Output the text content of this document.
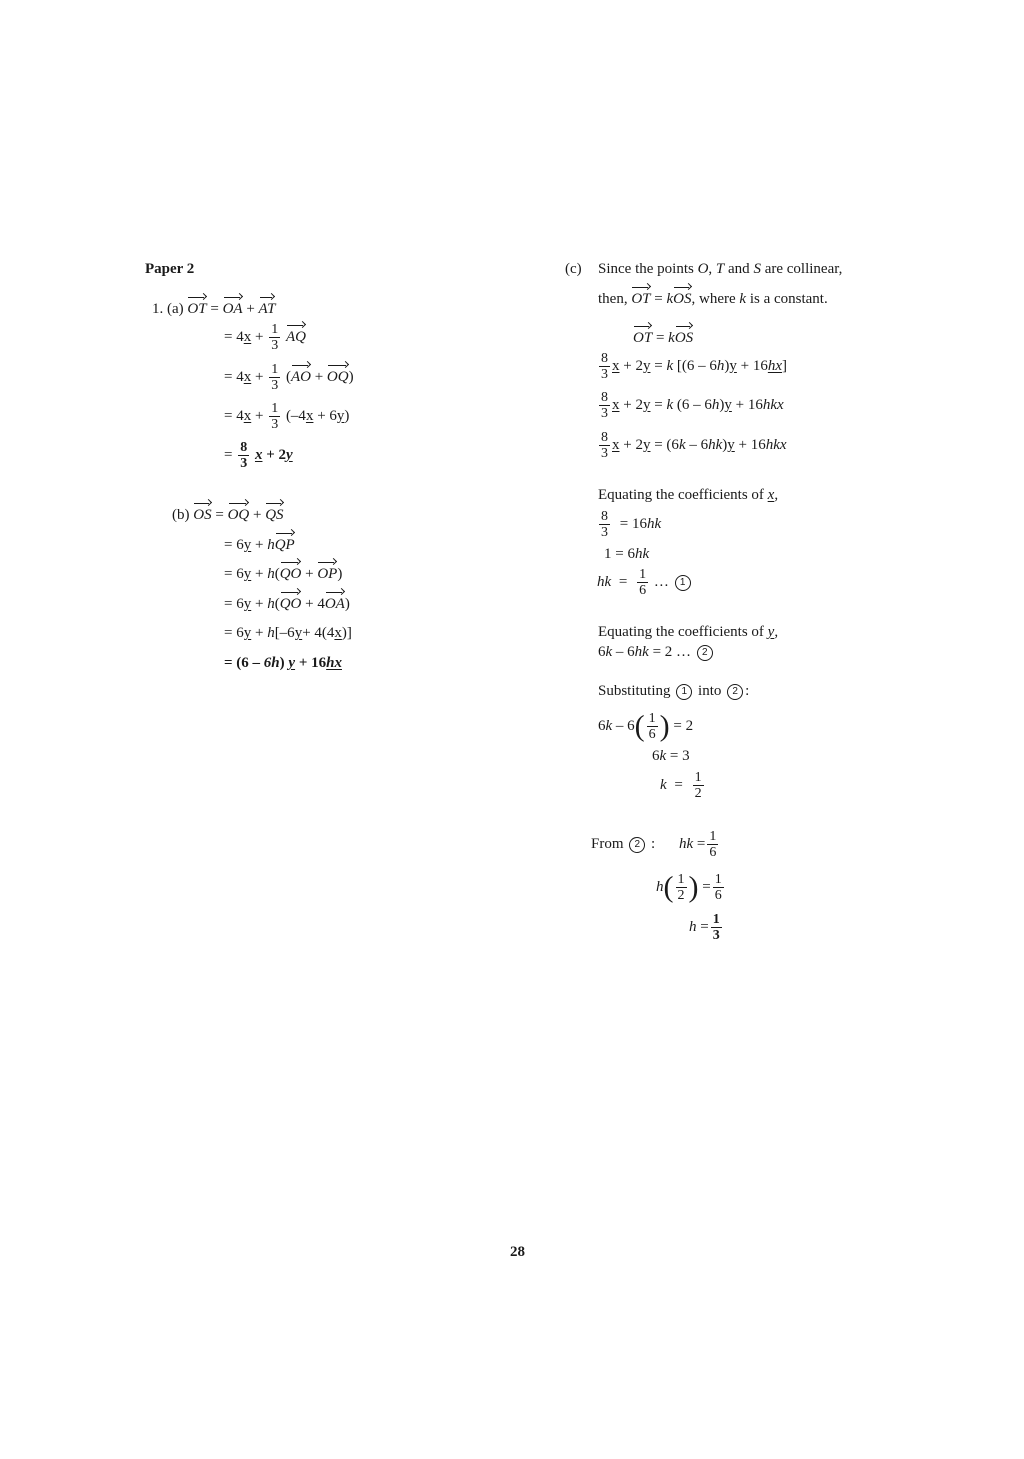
Paper 2
1. (a) OT = OA + AT
= $4x + \frac{1}{3}$ AQ
= $4x + \frac{1}{3} (AO + OQ)$
= $4x + \frac{1}{3} (-4x + 6y)$
= $\frac{8}{3}$ x + 2y
(b) OS = OQ + QS
= 6y + hQP
= 6y + h(QO + OP)
= 6y + h(QO + 4OA)
= 6y + h[–6y+ 4(4x)]
= (6 – 6h) y + 16hx
(c) Since the points O, T and S are collinear,
then, OT = kOS, where k is a constant.
OT = kOS
$\frac{8}{3}$ x + 2y = k [(6 – 6h)y + 16hx]
$\frac{8}{3}$ x + 2y = k (6 – 6h)y + 16hkx
$\frac{8}{3}$ x + 2y = (6k – 6hk)y + 16hkx
Equating the coefficients of x,
$\frac{8}{3} = 16hk$
1 = 6hk
hk = $\frac{1}{6}$ … 1
Equating the coefficients of y,
6k – 6hk = 2 … 2
Substituting 1 into 2 :
$6k - 6( \frac{1}{6}$ ) = 2
6k = 3
$k = \frac{1}{2}$
From 2 : hk = $\frac{1}{6}$
$h( \frac{1}{2}$ ) = $\frac{1}{6}$
$h = \frac{1}{3}$
28
